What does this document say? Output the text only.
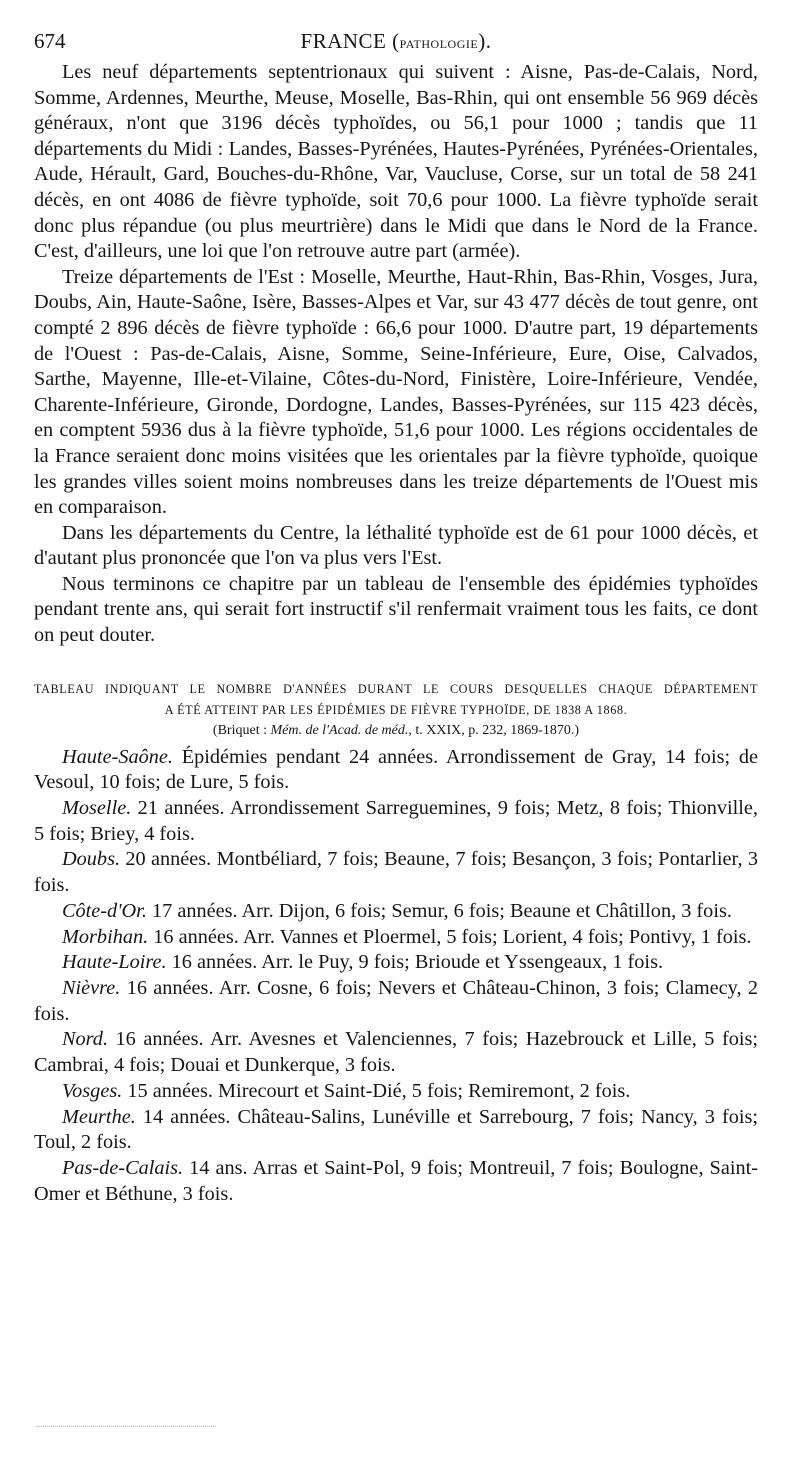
674	FRANCE (pathologie).

Les neuf départements septentrionaux qui suivent : Aisne, Pas-de-Calais, Nord, Somme, Ardennes, Meurthe, Meuse, Moselle, Bas-Rhin, qui ont ensemble 56 969 décès généraux, n'ont que 3196 décès typhoïdes, ou 56,1 pour 1000 ; tandis que 11 départements du Midi : Landes, Basses-Pyrénées, Hautes-Pyrénées, Pyrénées-Orientales, Aude, Hérault, Gard, Bouches-du-Rhône, Var, Vaucluse, Corse, sur un total de 58 241 décès, en ont 4086 de fièvre typhoïde, soit 70,6 pour 1000. La fièvre typhoïde serait donc plus répandue (ou plus meurtrière) dans le Midi que dans le Nord de la France. C'est, d'ailleurs, une loi que l'on retrouve autre part (armée).

Treize départements de l'Est : Moselle, Meurthe, Haut-Rhin, Bas-Rhin, Vosges, Jura, Doubs, Ain, Haute-Saône, Isère, Basses-Alpes et Var, sur 43 477 décès de tout genre, ont compté 2 896 décès de fièvre typhoïde : 66,6 pour 1000. D'autre part, 19 départements de l'Ouest : Pas-de-Calais, Aisne, Somme, Seine-Inférieure, Eure, Oise, Calvados, Sarthe, Mayenne, Ille-et-Vilaine, Côtes-du-Nord, Finistère, Loire-Inférieure, Vendée, Charente-Inférieure, Gironde, Dordogne, Landes, Basses-Pyrénées, sur 115 423 décès, en comptent 5936 dus à la fièvre typhoïde, 51,6 pour 1000. Les régions occidentales de la France seraient donc moins visitées que les orientales par la fièvre typhoïde, quoique les grandes villes soient moins nombreuses dans les treize départements de l'Ouest mis en comparaison.

Dans les départements du Centre, la léthalité typhoïde est de 61 pour 1000 décès, et d'autant plus prononcée que l'on va plus vers l'Est.

Nous terminons ce chapitre par un tableau de l'ensemble des épidémies typhoïdes pendant trente ans, qui serait fort instructif s'il renfermait vraiment tous les faits, ce dont on peut douter.

TABLEAU INDIQUANT LE NOMBRE D'ANNÉES DURANT LE COURS DESQUELLES CHAQUE DÉPARTEMENT
A ÉTÉ ATTEINT PAR LES ÉPIDÉMIES DE FIÈVRE TYPHOÏDE, DE 1838 A 1868.

(Briquet : Mém. de l'Acad. de méd., t. XXIX, p. 232, 1869-1870.)

Haute-Saône. Épidémies pendant 24 années. Arrondissement de Gray, 14 fois; de Vesoul, 10 fois; de Lure, 5 fois.

Moselle. 21 années. Arrondissement Sarreguemines, 9 fois; Metz, 8 fois; Thionville, 5 fois; Briey, 4 fois.

Doubs. 20 années. Montbéliard, 7 fois; Beaune, 7 fois; Besançon, 3 fois; Pontarlier, 3 fois.

Côte-d'Or. 17 années. Arr. Dijon, 6 fois; Semur, 6 fois; Beaune et Châtillon, 3 fois.

Morbihan. 16 années. Arr. Vannes et Ploermel, 5 fois; Lorient, 4 fois; Pontivy, 1 fois.

Haute-Loire. 16 années. Arr. le Puy, 9 fois; Brioude et Yssengeaux, 1 fois.

Nièvre. 16 années. Arr. Cosne, 6 fois; Nevers et Château-Chinon, 3 fois; Clamecy, 2 fois.

Nord. 16 années. Arr. Avesnes et Valenciennes, 7 fois; Hazebrouck et Lille, 5 fois; Cambrai, 4 fois; Douai et Dunkerque, 3 fois.

Vosges. 15 années. Mirecourt et Saint-Dié, 5 fois; Remiremont, 2 fois.

Meurthe. 14 années. Château-Salins, Lunéville et Sarrebourg, 7 fois; Nancy, 3 fois; Toul, 2 fois.

Pas-de-Calais. 14 ans. Arras et Saint-Pol, 9 fois; Montreuil, 7 fois; Boulogne, Saint-Omer et Béthune, 3 fois.
